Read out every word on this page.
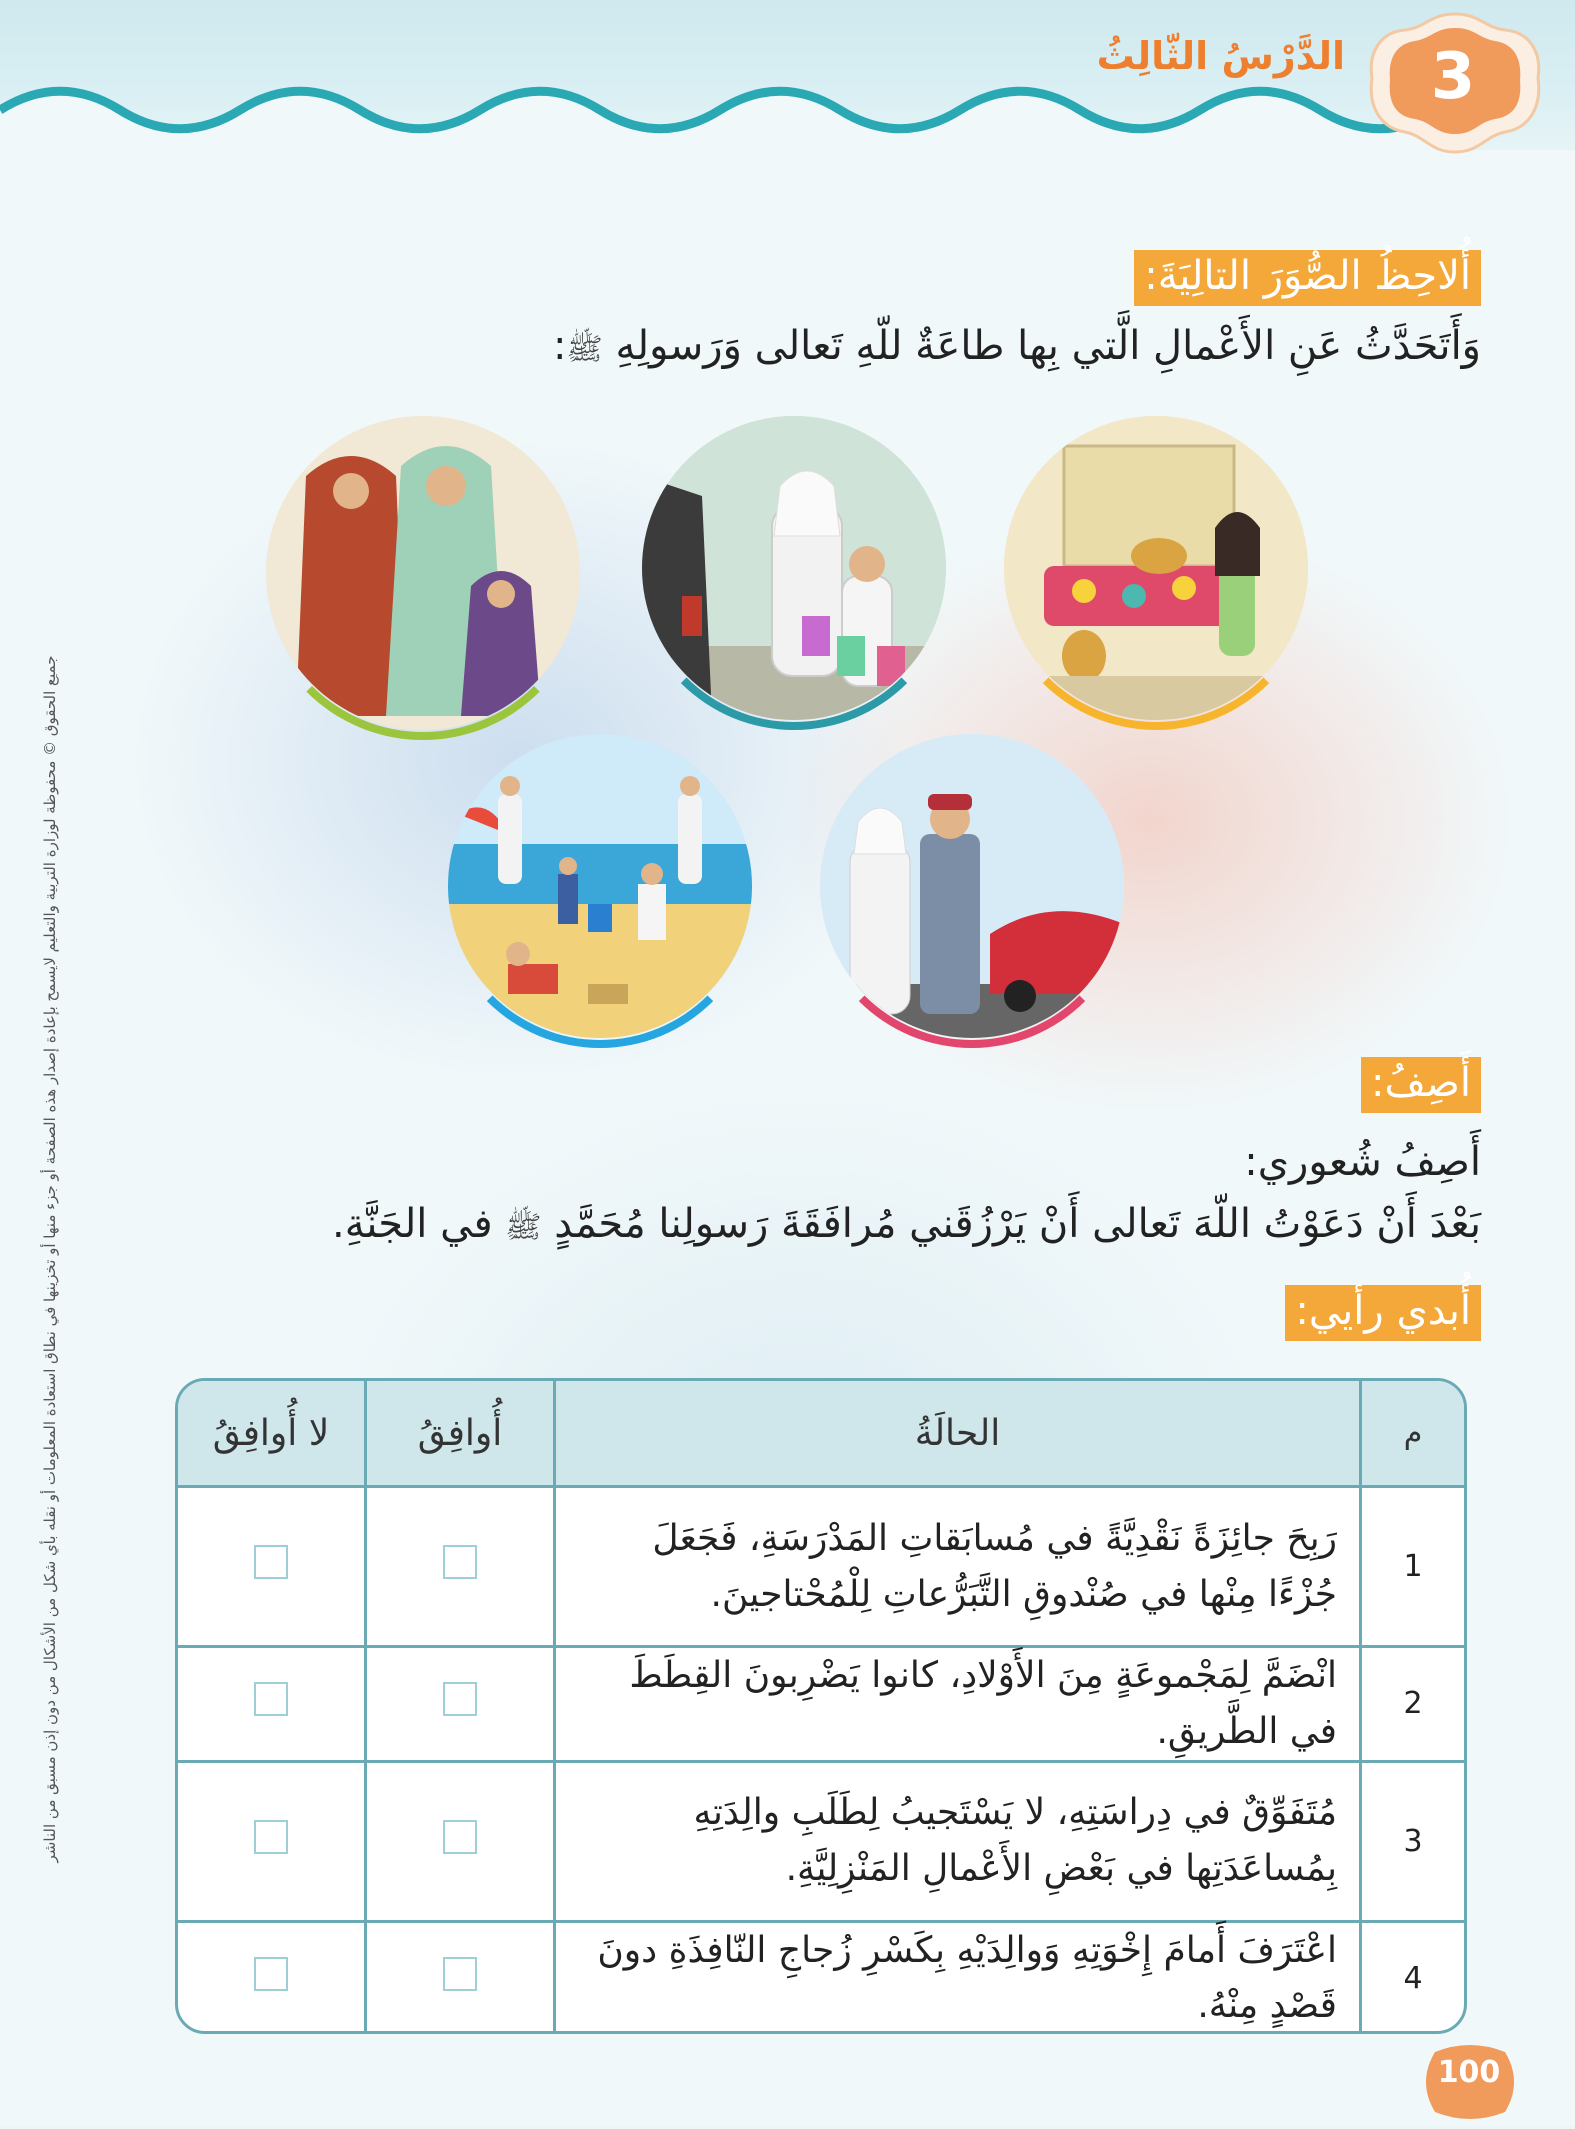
الدَّرْسُ الثّالِثُ 3
أُلاحِظُ الصُّوَرَ التالِيَةَ:
وَأَتَحَدَّثُ عَنِ الأَعْمالِ الَّتي بِها طاعَةٌ للّهِ تَعالى وَرَسولِهِ ﷺ:
أَصِفُ:
أَصِفُ شُعوري:
بَعْدَ أَنْ دَعَوْتُ اللّهَ تَعالى أَنْ يَرْزُقَني مُرافَقَةَ رَسولِنا مُحَمَّدٍ ﷺ في الجَنَّةِ.
أُبدي رأيي:
م	الحالَةُ	أُوافِقُ	لا أُوافِقُ
1	رَبِحَ جائِزَةً نَقْدِيَّةً في مُسابَقاتِ المَدْرَسَةِ، فَجَعَلَ جُزْءًا مِنْها في صُنْدوقِ التَّبَرُّعاتِ لِلْمُحْتاجينَ.		
2	انْضَمَّ لِمَجْموعَةٍ مِنَ الأَوْلادِ، كانوا يَضْرِبونَ القِطَطَ في الطَّريقِ.		
3	مُتَفَوِّقٌ في دِراسَتِهِ، لا يَسْتَجيبُ لِطَلَبِ والِدَتِهِ بِمُساعَدَتِها في بَعْضِ الأَعْمالِ المَنْزِلِيَّةِ.		
4	اعْتَرَفَ أَمامَ إِخْوَتِهِ وَوالِدَيْهِ بِكَسْرِ زُجاجِ النّافِذَةِ دونَ قَصْدٍ مِنْهُ.		
جميع الحقوق © محفوظة لوزارة التربية والتعليم لايسمح بإعادة إصدار هذه الصفحة أو جزء منها أو تخزينها في نطاق استعادة المعلومات أو نقله بأي شكل من الأشكال من دون إذن مسبق من الناشر
100
